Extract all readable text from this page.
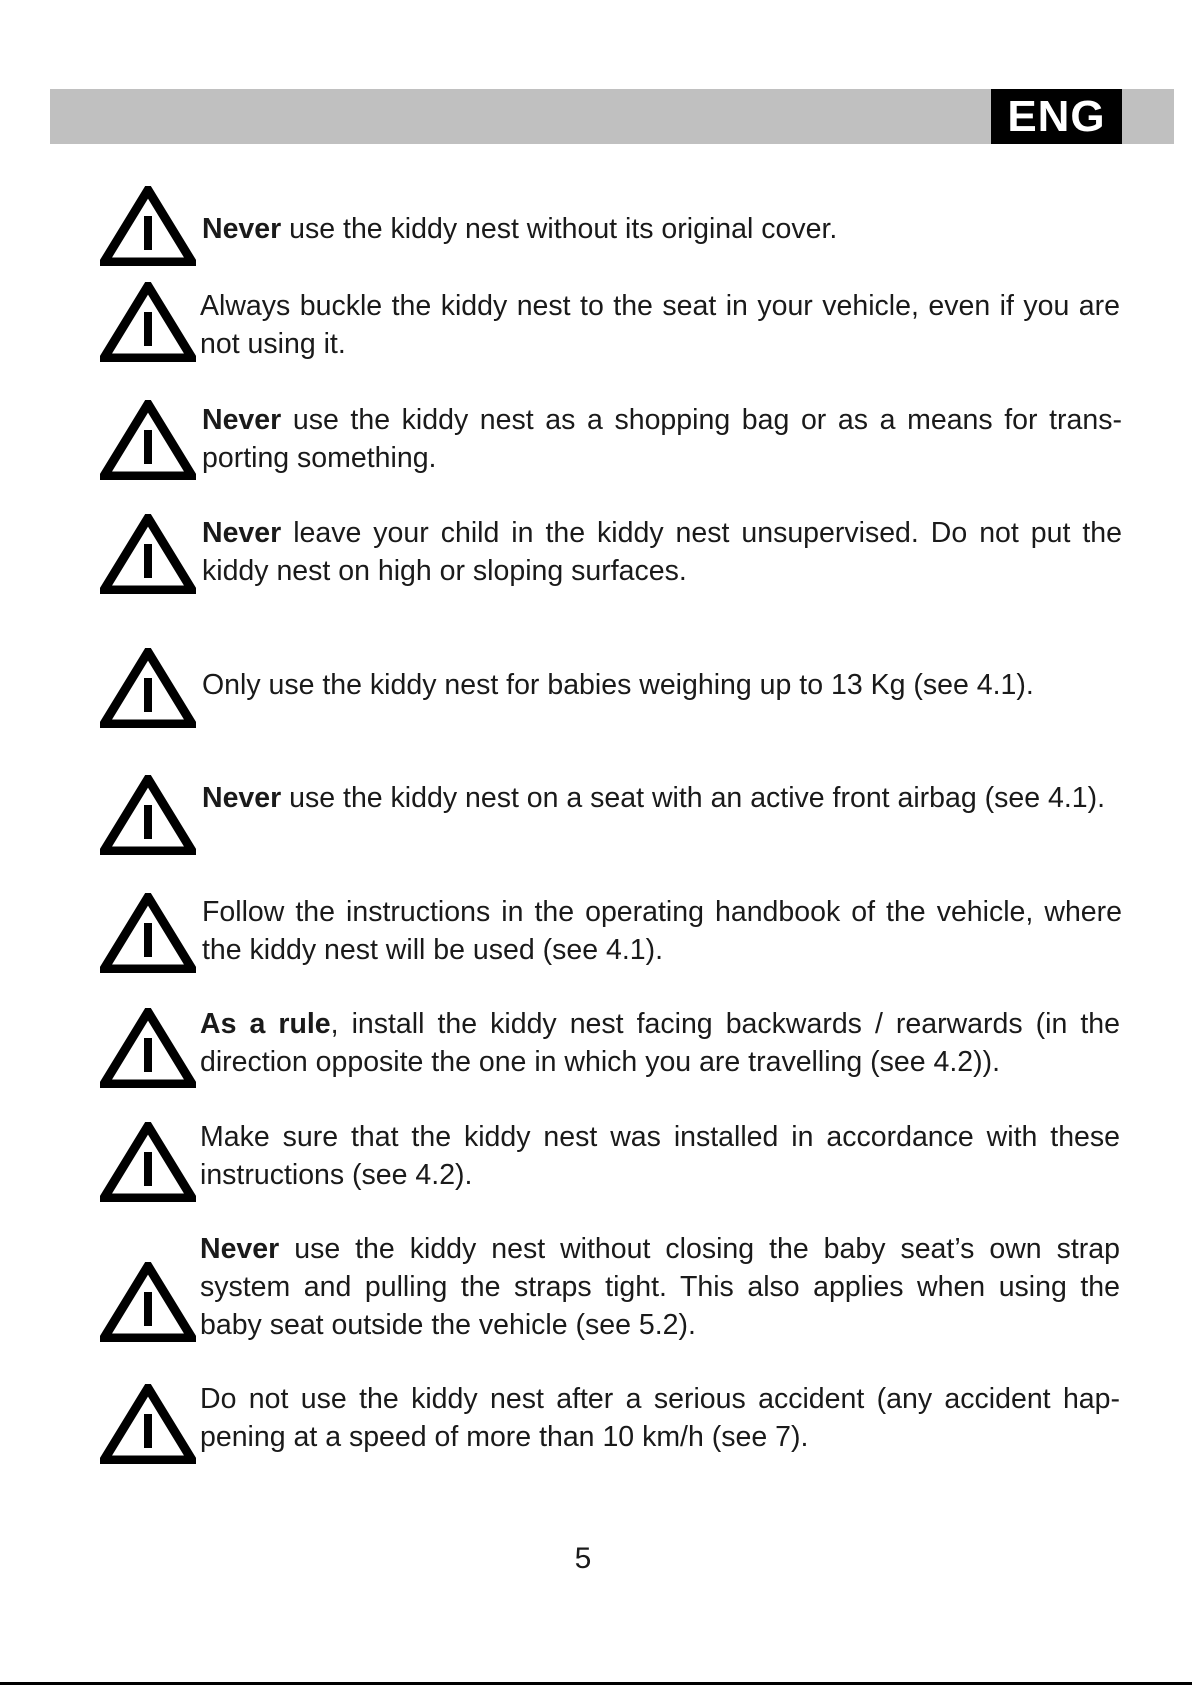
ENG
Never use the kiddy nest without its original cover.
Always buckle the kiddy nest to the seat in your vehicle, even if you are not using it.
Never use the kiddy nest as a shopping bag or as a means for trans-porting something.
Never leave your child in the kiddy nest unsupervised. Do not put the kiddy nest on high or sloping surfaces.
Only use the kiddy nest for babies weighing up to 13 Kg (see 4.1).
Never use the kiddy nest on a seat with an active front airbag (see 4.1).
Follow the instructions in the operating handbook of the vehicle, where the kiddy nest will be used (see 4.1).
As a rule, install the kiddy nest facing backwards / rearwards (in the direction opposite the one in which you are travelling (see 4.2)).
Make sure that the kiddy nest was installed in accordance with these instructions (see 4.2).
Never use the kiddy nest without closing the baby seat’s own strap system and pulling the straps tight. This also applies when using the baby seat outside the vehicle (see 5.2).
Do not use the kiddy nest after a serious accident (any accident hap-pening at a speed of more than 10 km/h (see 7).
5
